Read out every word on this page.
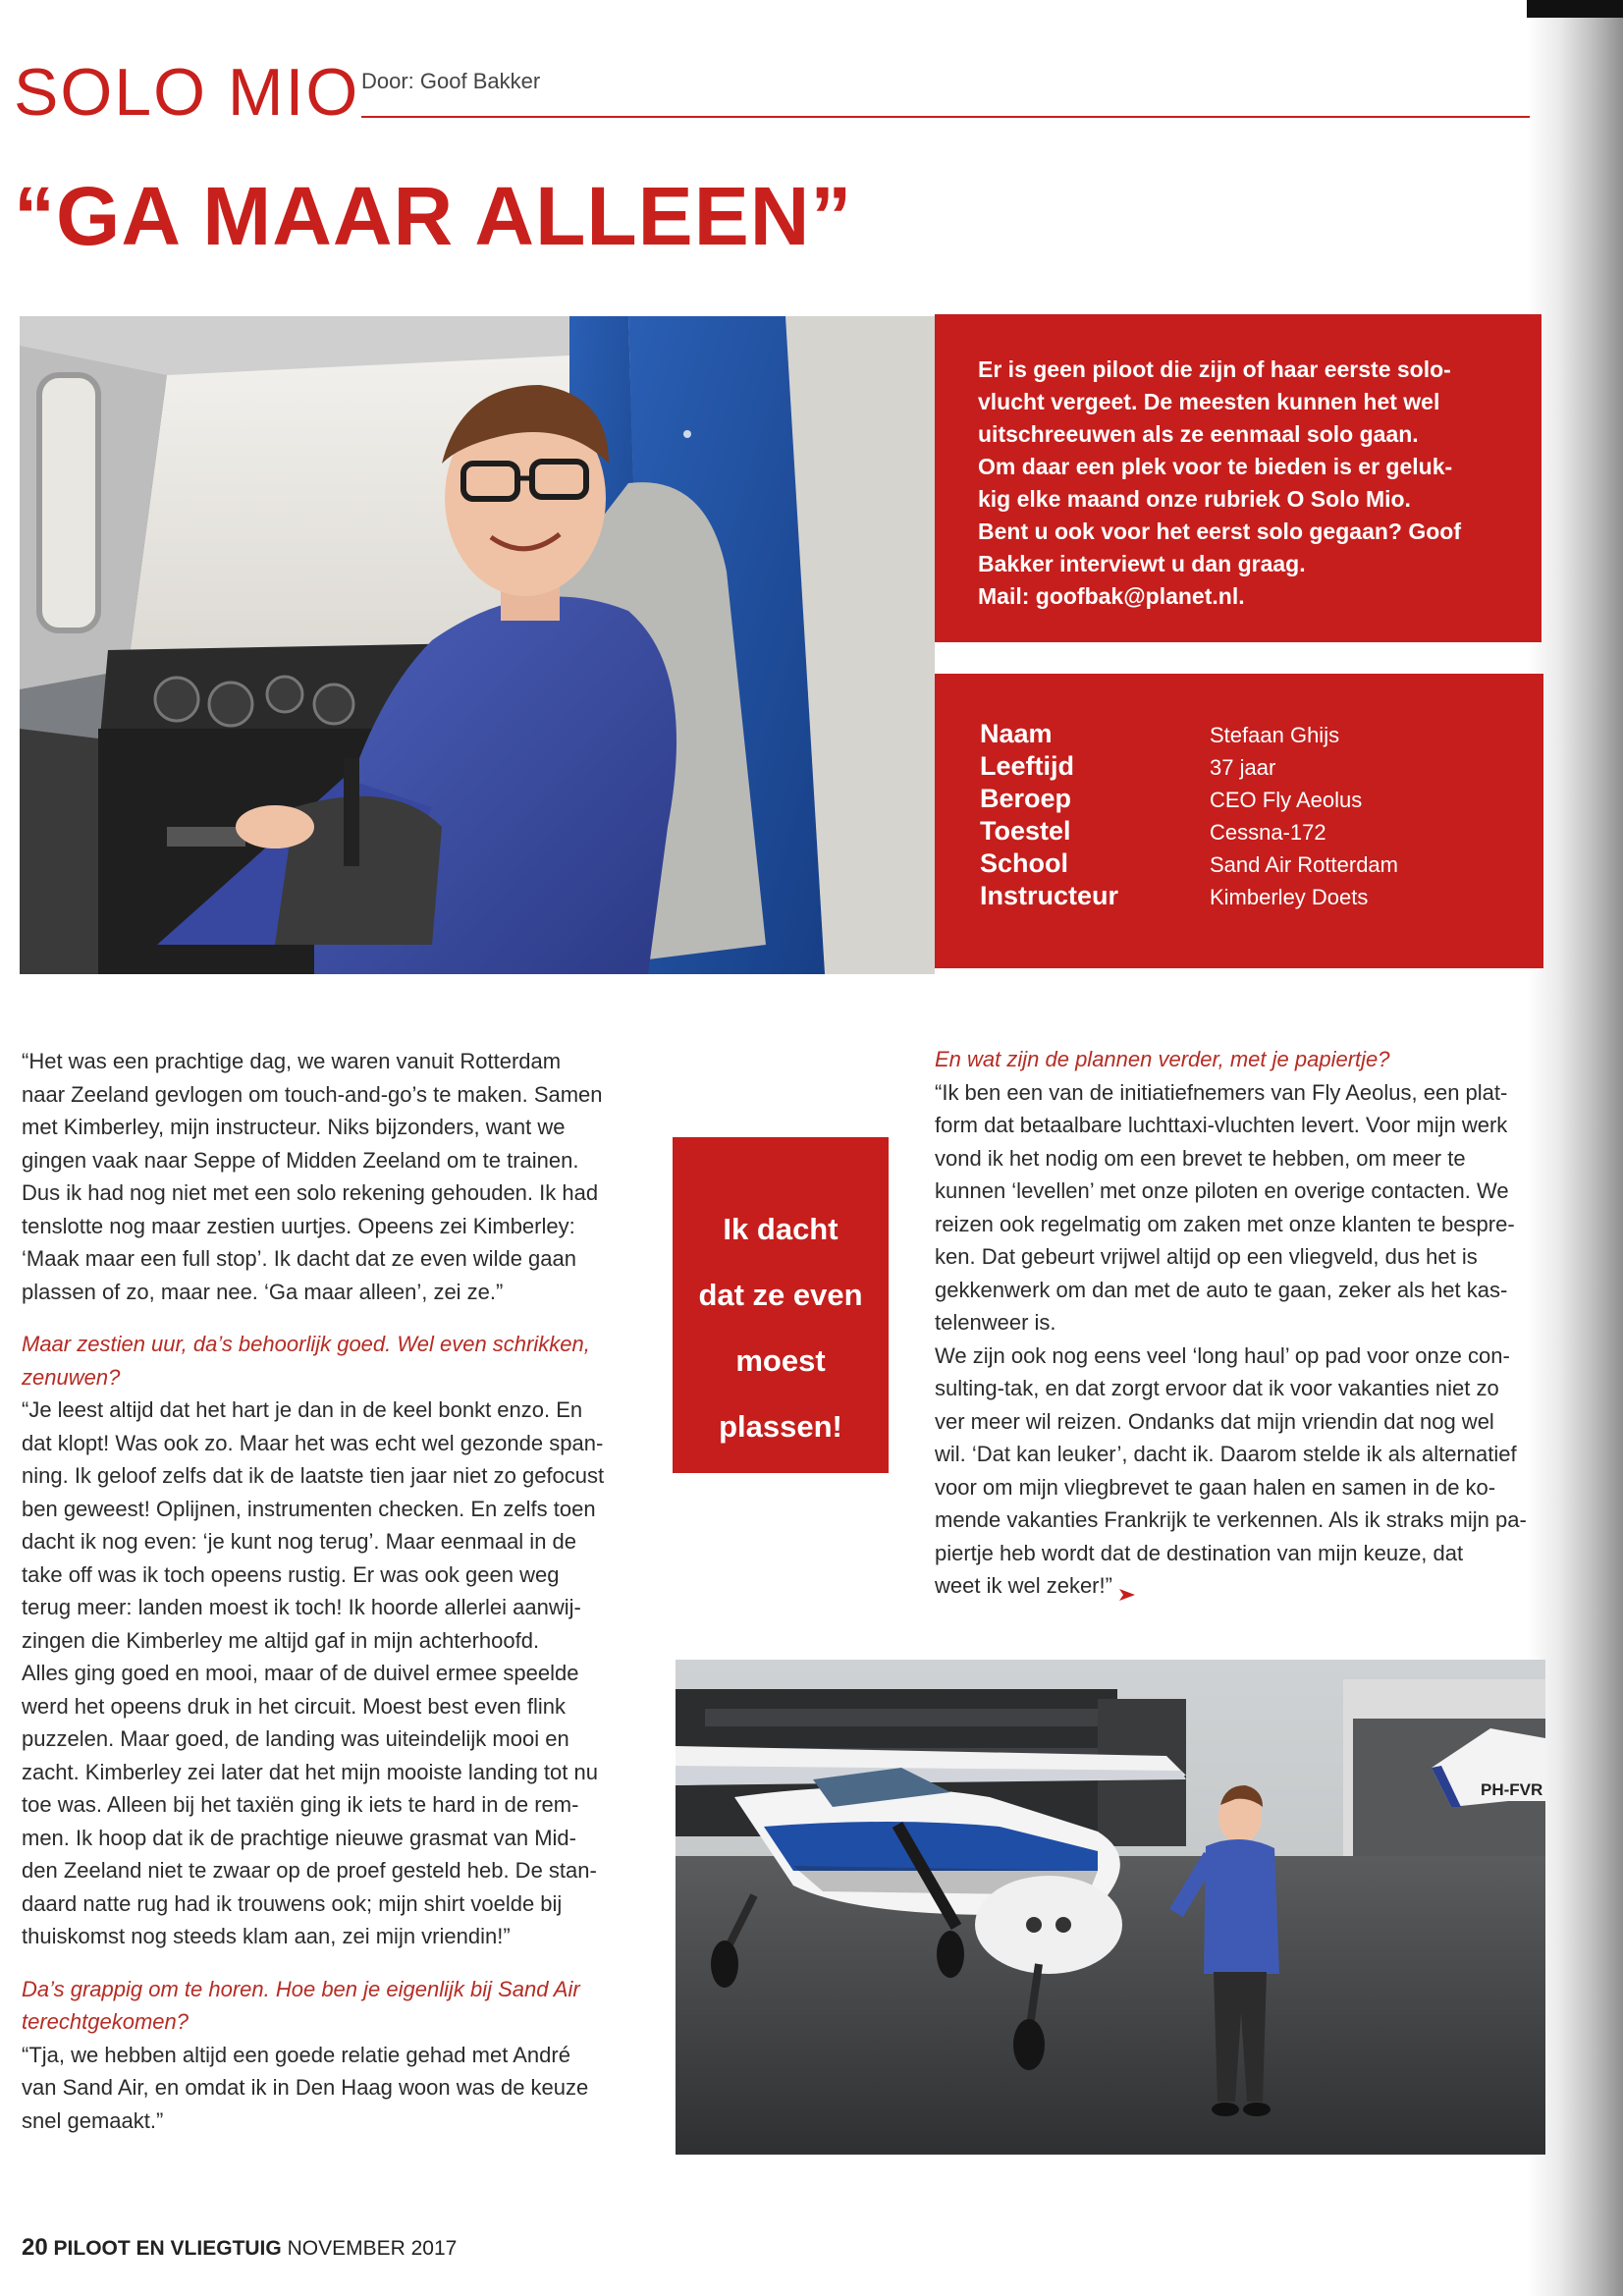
SOLO MIO Door: Goof Bakker
“GA MAAR ALLEEN”
Er is geen piloot die zijn of haar eerste solo-
vlucht vergeet. De meesten kunnen het wel
uitschreeuwen als ze eenmaal solo gaan.
Om daar een plek voor te bieden is er geluk-
kig elke maand onze rubriek O Solo Mio.
Bent u ook voor het eerst solo gegaan? Goof
Bakker interviewt u dan graag.
Mail: goofbak@planet.nl.
Naam	Stefaan Ghijs
Leeftijd	37 jaar
Beroep	CEO Fly Aeolus
Toestel	Cessna-172
School	Sand Air Rotterdam
Instructeur	Kimberley Doets

“Het was een prachtige dag, we waren vanuit Rotterdam
naar Zeeland gevlogen om touch-and-go’s te maken. Samen
met Kimberley, mijn instructeur. Niks bijzonders, want we
gingen vaak naar Seppe of Midden Zeeland om te trainen.
Dus ik had nog niet met een solo rekening gehouden. Ik had
tenslotte nog maar zestien uurtjes. Opeens zei Kimberley:
‘Maak maar een full stop’. Ik dacht dat ze even wilde gaan
plassen of zo, maar nee. ‘Ga maar alleen’, zei ze.”

Maar zestien uur, da’s behoorlijk goed. Wel even schrikken,
zenuwen?

“Je leest altijd dat het hart je dan in de keel bonkt enzo. En
dat klopt! Was ook zo. Maar het was echt wel gezonde span-
ning. Ik geloof zelfs dat ik de laatste tien jaar niet zo gefocust
ben geweest! Oplijnen, instrumenten checken. En zelfs toen
dacht ik nog even: ‘je kunt nog terug’. Maar eenmaal in de
take off was ik toch opeens rustig. Er was ook geen weg
terug meer: landen moest ik toch! Ik hoorde allerlei aanwij-
zingen die Kimberley me altijd gaf in mijn achterhoofd.
Alles ging goed en mooi, maar of de duivel ermee speelde
werd het opeens druk in het circuit. Moest best even flink
puzzelen. Maar goed, de landing was uiteindelijk mooi en
zacht. Kimberley zei later dat het mijn mooiste landing tot nu
toe was. Alleen bij het taxiën ging ik iets te hard in de rem-
men. Ik hoop dat ik de prachtige nieuwe grasmat van Mid-
den Zeeland niet te zwaar op de proef gesteld heb. De stan-
daard natte rug had ik trouwens ook; mijn shirt voelde bij
thuiskomst nog steeds klam aan, zei mijn vriendin!”

Da’s grappig om te horen. Hoe ben je eigenlijk bij Sand Air
terechtgekomen?

“Tja, we hebben altijd een goede relatie gehad met André
van Sand Air, en omdat ik in Den Haag woon was de keuze
snel gemaakt.”

Ik dacht
dat ze even
moest
plassen!

En wat zijn de plannen verder, met je papiertje?

“Ik ben een van de initiatiefnemers van Fly Aeolus, een plat-
form dat betaalbare luchttaxi-vluchten levert. Voor mijn werk
vond ik het nodig om een brevet te hebben, om meer te
kunnen ‘levellen’ met onze piloten en overige contacten. We
reizen ook regelmatig om zaken met onze klanten te bespre-
ken. Dat gebeurt vrijwel altijd op een vliegveld, dus het is
gekkenwerk om dan met de auto te gaan, zeker als het kas-
telenweer is.
We zijn ook nog eens veel ‘long haul’ op pad voor onze con-
sulting-tak, en dat zorgt ervoor dat ik voor vakanties niet zo
ver meer wil reizen. Ondanks dat mijn vriendin dat nog wel
wil. ‘Dat kan leuker’, dacht ik. Daarom stelde ik als alternatief
voor om mijn vliegbrevet te gaan halen en samen in de ko-
mende vakanties Frankrijk te verkennen. Als ik straks mijn pa-
piertje heb wordt dat de destination van mijn keuze, dat
weet ik wel zeker!”

PH-FVR
20 PILOOT EN VLIEGTUIG NOVEMBER 2017
